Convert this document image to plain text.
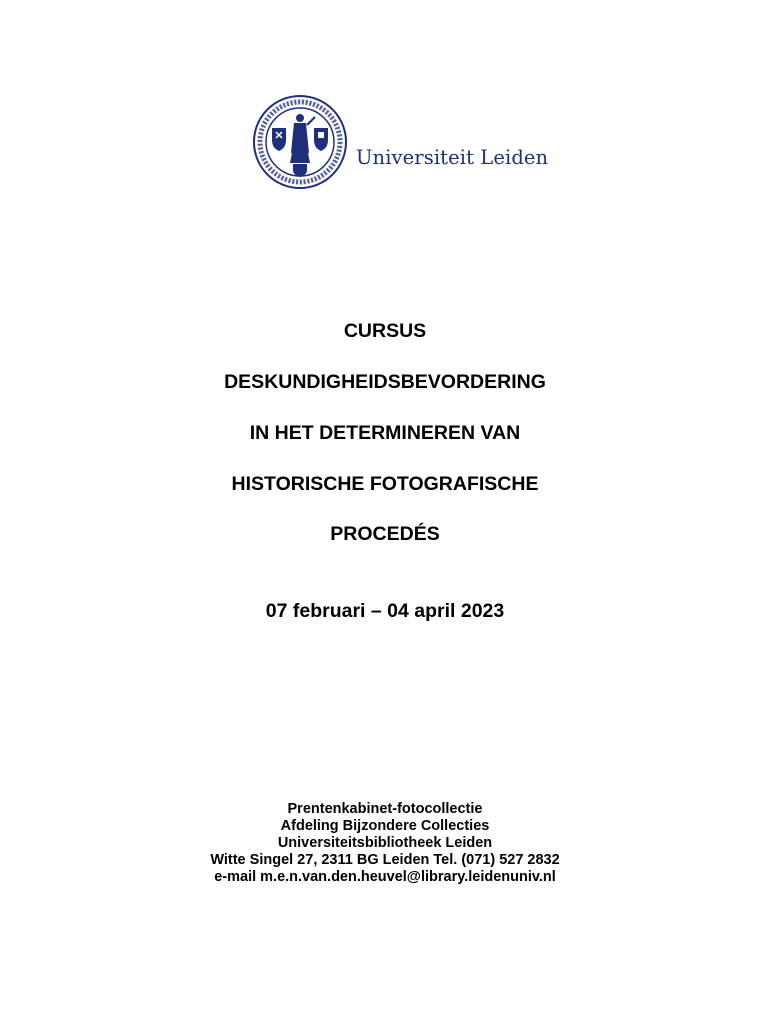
Universiteit Leiden
CURSUS
DESKUNDIGHEIDSBEVORDERING
IN HET DETERMINEREN VAN
HISTORISCHE FOTOGRAFISCHE
PROCEDÉS
07 februari – 04 april 2023
Prentenkabinet-fotocollectie
Afdeling Bijzondere Collecties
Universiteitsbibliotheek Leiden
Witte Singel 27, 2311 BG Leiden Tel. (071) 527 2832
e-mail m.e.n.van.den.heuvel@library.leidenuniv.nl
